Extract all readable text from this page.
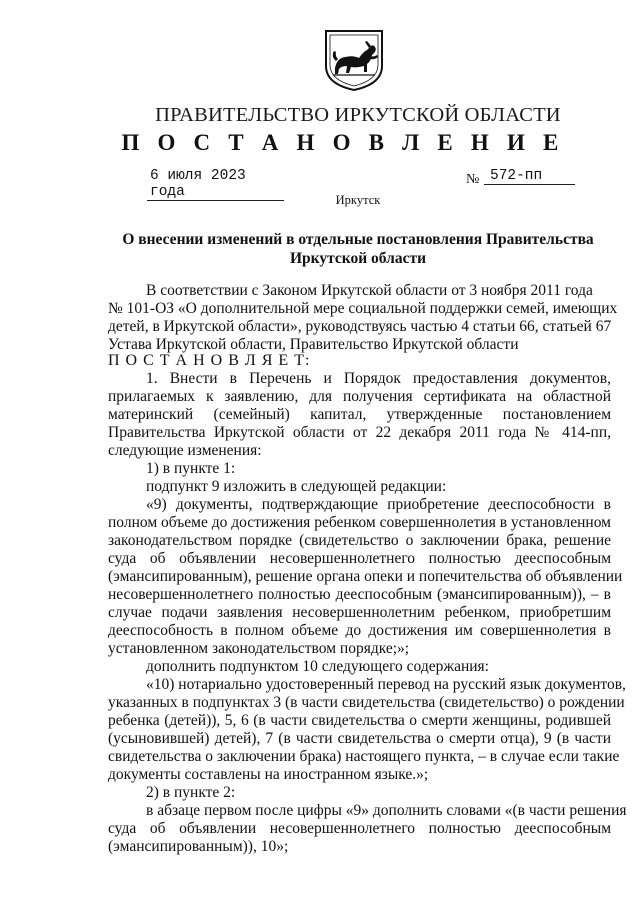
ПРАВИТЕЛЬСТВО ИРКУТСКОЙ ОБЛАСТИ
П О С Т А Н О В Л Е Н И Е
6 июля 2023 года
№ 572-пп
Иркутск
О внесении изменений в отдельные постановления Правительства
Иркутской области
В соответствии с Законом Иркутской области от 3 ноября 2011 года
№ 101-ОЗ «О дополнительной мере социальной поддержки семей, имеющих
детей, в Иркутской области», руководствуясь частью 4 статьи 66, статьей 67
Устава Иркутской области, Правительство Иркутской области
П О С Т А Н О В Л Я Е Т:
1. Внести в Перечень и Порядок предоставления документов,
прилагаемых к заявлению, для получения сертификата на областной
материнский (семейный) капитал, утвержденные постановлением
Правительства Иркутской области от 22 декабря 2011 года № 414-пп,
следующие изменения:
1) в пункте 1:
подпункт 9 изложить в следующей редакции:
«9) документы, подтверждающие приобретение дееспособности в
полном объеме до достижения ребенком совершеннолетия в установленном
законодательством порядке (свидетельство о заключении брака, решение
суда об объявлении несовершеннолетнего полностью дееспособным
(эмансипированным), решение органа опеки и попечительства об объявлении
несовершеннолетнего полностью дееспособным (эмансипированным)), – в
случае подачи заявления несовершеннолетним ребенком, приобретшим
дееспособность в полном объеме до достижения им совершеннолетия в
установленном законодательством порядке;»;
дополнить подпунктом 10 следующего содержания:
«10) нотариально удостоверенный перевод на русский язык документов,
указанных в подпунктах 3 (в части свидетельства (свидетельство) о рождении
ребенка (детей)), 5, 6 (в части свидетельства о смерти женщины, родившей
(усыновившей) детей), 7 (в части свидетельства о смерти отца), 9 (в части
свидетельства о заключении брака) настоящего пункта, – в случае если такие
документы составлены на иностранном языке.»;
2) в пункте 2:
в абзаце первом после цифры «9» дополнить словами «(в части решения
суда об объявлении несовершеннолетнего полностью дееспособным
(эмансипированным)), 10»;
